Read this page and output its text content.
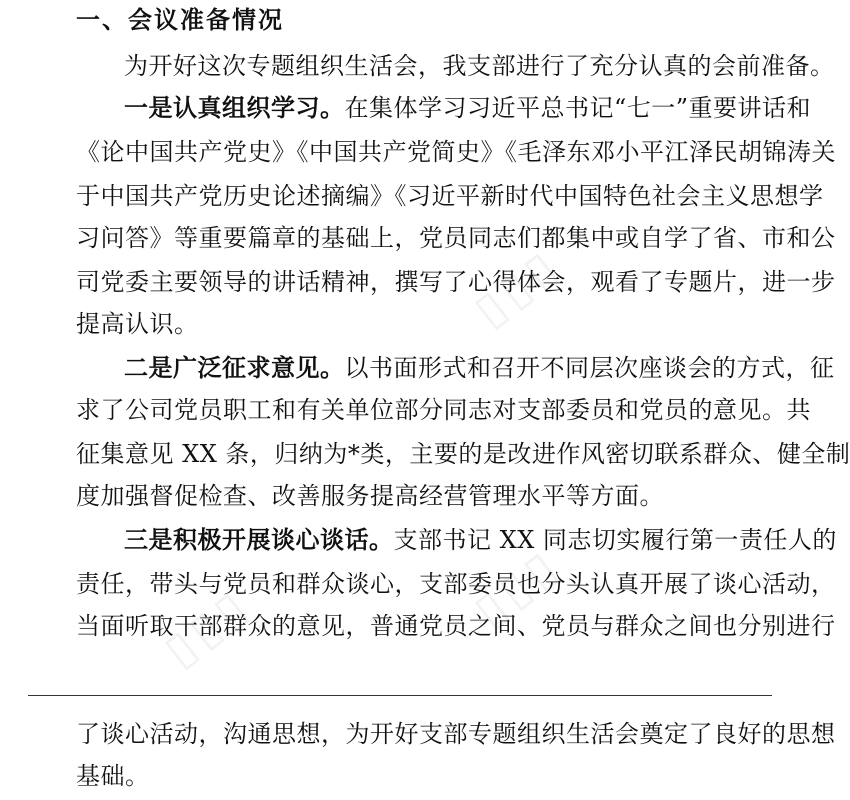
▯▯▯
▯▯▯
▯▯▯
一、会议准备情况
为开好这次专题组织生活会，我支部进行了充分认真的会前准备。
一是认真组织学习。在集体学习习近平总书记“七一”重要讲话和
《论中国共产党史》《中国共产党简史》《毛泽东邓小平江泽民胡锦涛关
于中国共产党历史论述摘编》《习近平新时代中国特色社会主义思想学
习问答》等重要篇章的基础上，党员同志们都集中或自学了省、市和公
司党委主要领导的讲话精神，撰写了心得体会，观看了专题片，进一步
提高认识。
二是广泛征求意见。以书面形式和召开不同层次座谈会的方式，征
求了公司党员职工和有关单位部分同志对支部委员和党员的意见。共
征集意见 XX 条，归纳为*类，主要的是改进作风密切联系群众、健全制
度加强督促检查、改善服务提高经营管理水平等方面。
三是积极开展谈心谈话。支部书记 XX 同志切实履行第一责任人的
责任，带头与党员和群众谈心，支部委员也分头认真开展了谈心活动，
当面听取干部群众的意见，普通党员之间、党员与群众之间也分别进行
了谈心活动，沟通思想，为开好支部专题组织生活会奠定了良好的思想
基础。
